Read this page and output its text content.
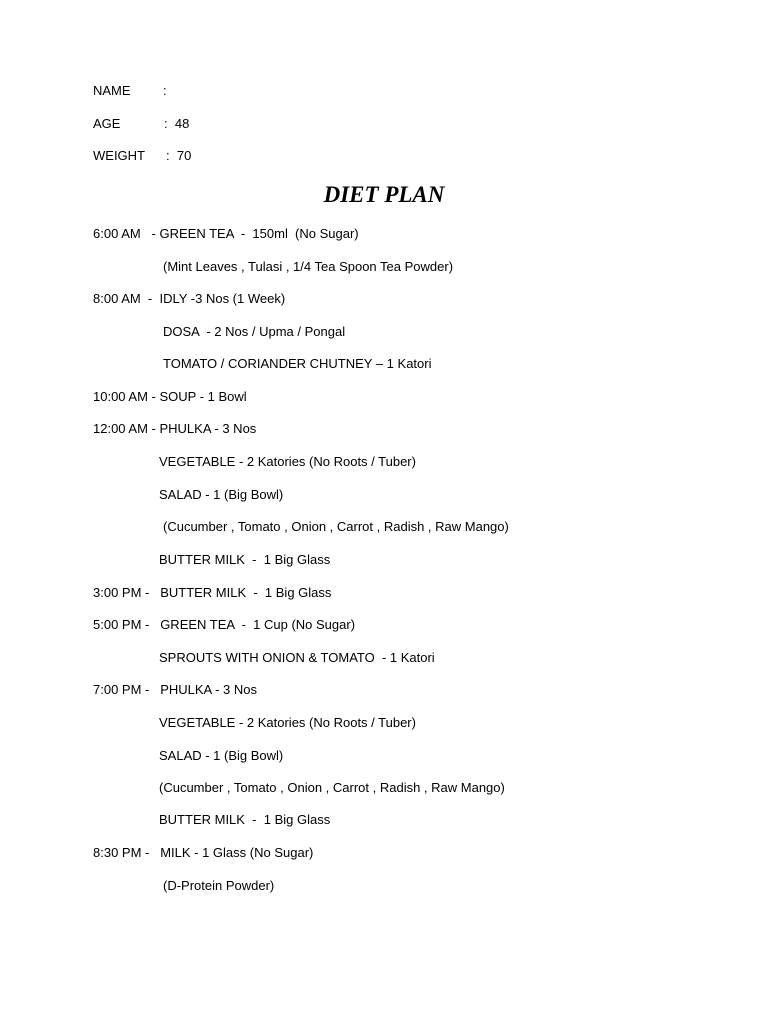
NAME :
AGE	:  48
WEIGHT :  70
DIET PLAN
6:00 AM   - GREEN TEA  -  150ml  (No Sugar)
(Mint Leaves , Tulasi , 1/4 Tea Spoon Tea Powder)
8:00 AM  -  IDLY -3 Nos (1 Week)
DOSA  - 2 Nos / Upma / Pongal
TOMATO / CORIANDER CHUTNEY – 1 Katori
10:00 AM - SOUP - 1 Bowl
12:00 AM - PHULKA - 3 Nos
VEGETABLE - 2 Katories (No Roots / Tuber)
SALAD - 1 (Big Bowl)
(Cucumber , Tomato , Onion , Carrot , Radish , Raw Mango)
BUTTER MILK  -  1 Big Glass
3:00 PM -   BUTTER MILK  -  1 Big Glass
5:00 PM -   GREEN TEA  -  1 Cup (No Sugar)
SPROUTS WITH ONION & TOMATO  - 1 Katori
7:00 PM -   PHULKA - 3 Nos
VEGETABLE - 2 Katories (No Roots / Tuber)
SALAD - 1 (Big Bowl)
(Cucumber , Tomato , Onion , Carrot , Radish , Raw Mango)
BUTTER MILK  -  1 Big Glass
8:30 PM -   MILK - 1 Glass (No Sugar)
(D-Protein Powder)
